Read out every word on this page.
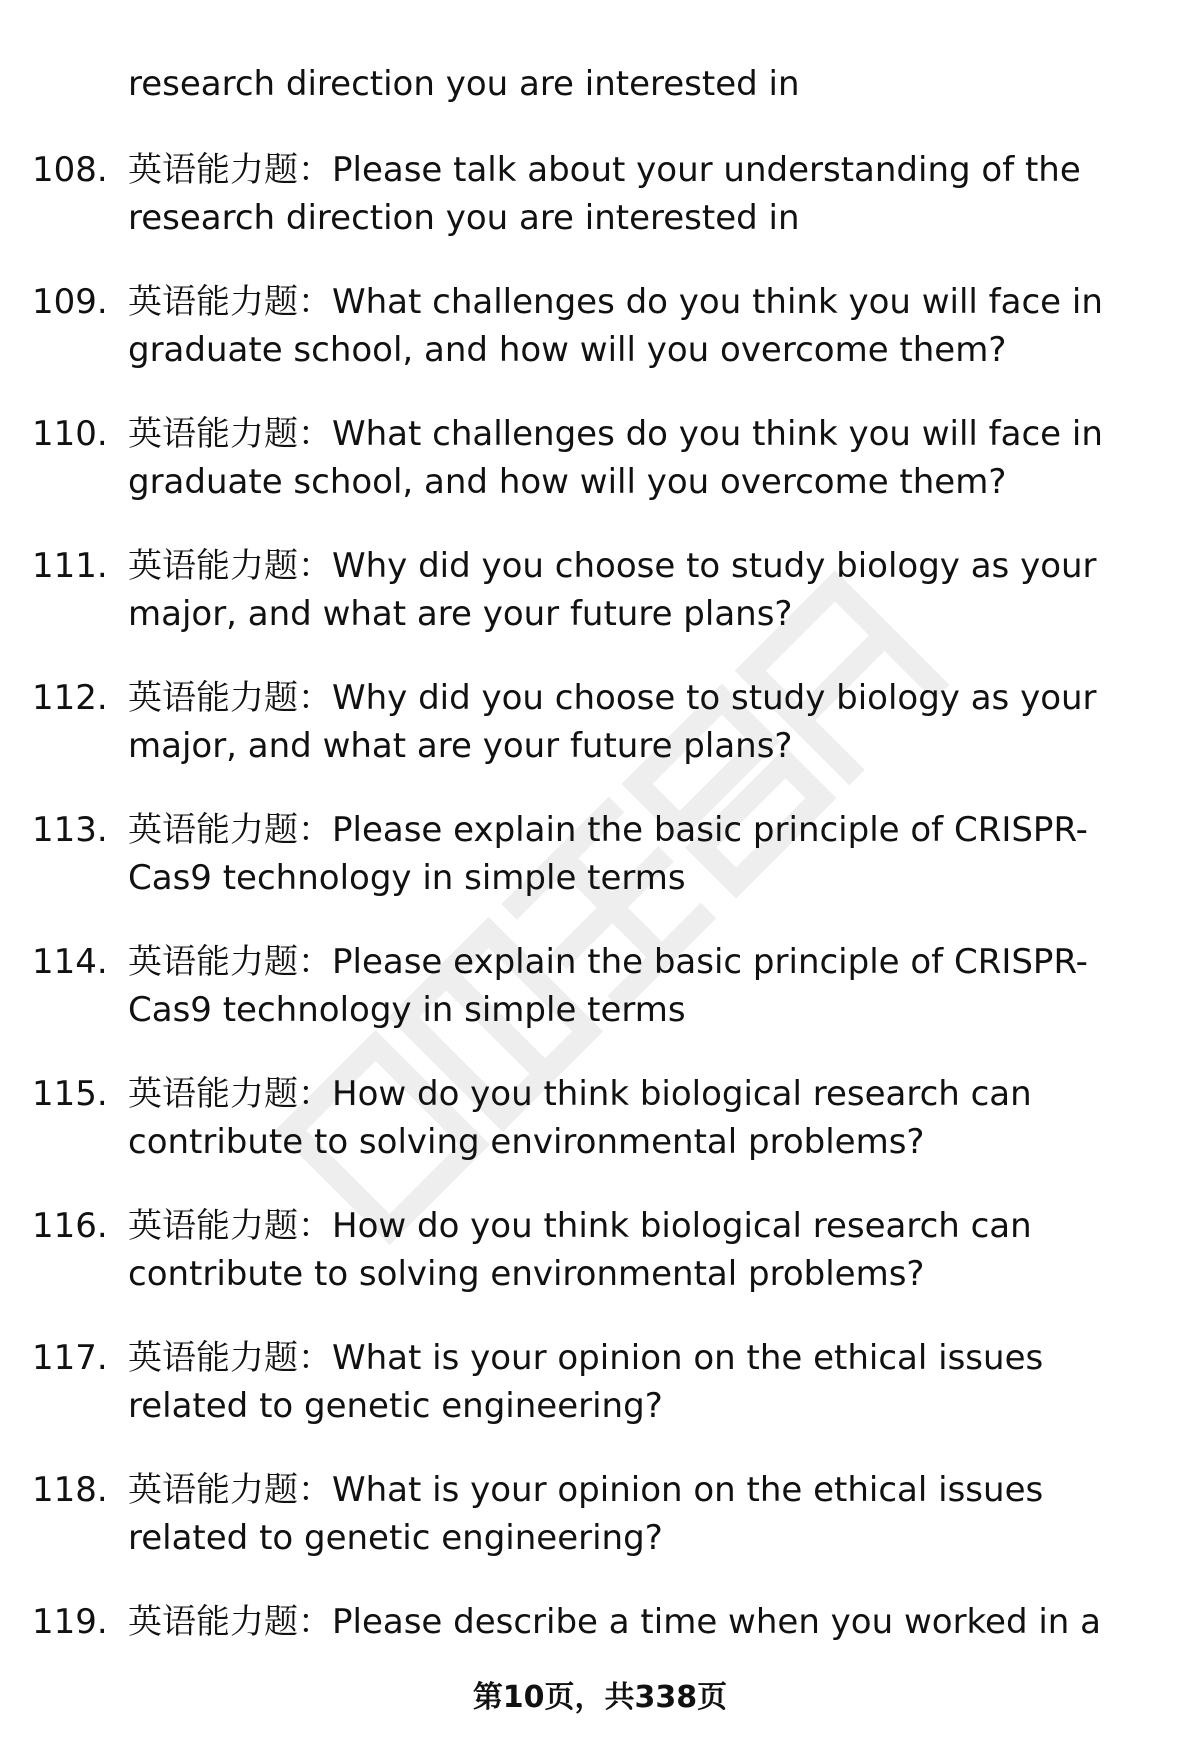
research direction you are interested in
108. 英语能力题：Please talk about your understanding of the
research direction you are interested in
109. 英语能力题：What challenges do you think you will face in
graduate school, and how will you overcome them?
110. 英语能力题：What challenges do you think you will face in
graduate school, and how will you overcome them?
111. 英语能力题：Why did you choose to study biology as your
major, and what are your future plans?
112. 英语能力题：Why did you choose to study biology as your
major, and what are your future plans?
113. 英语能力题：Please explain the basic principle of CRISPR-
Cas9 technology in simple terms
114. 英语能力题：Please explain the basic principle of CRISPR-
Cas9 technology in simple terms
115. 英语能力题：How do you think biological research can
contribute to solving environmental problems?
116. 英语能力题：How do you think biological research can
contribute to solving environmental problems?
117. 英语能力题：What is your opinion on the ethical issues
related to genetic engineering?
118. 英语能力题：What is your opinion on the ethical issues
related to genetic engineering?
119. 英语能力题：Please describe a time when you worked in a
第10页，共338页
